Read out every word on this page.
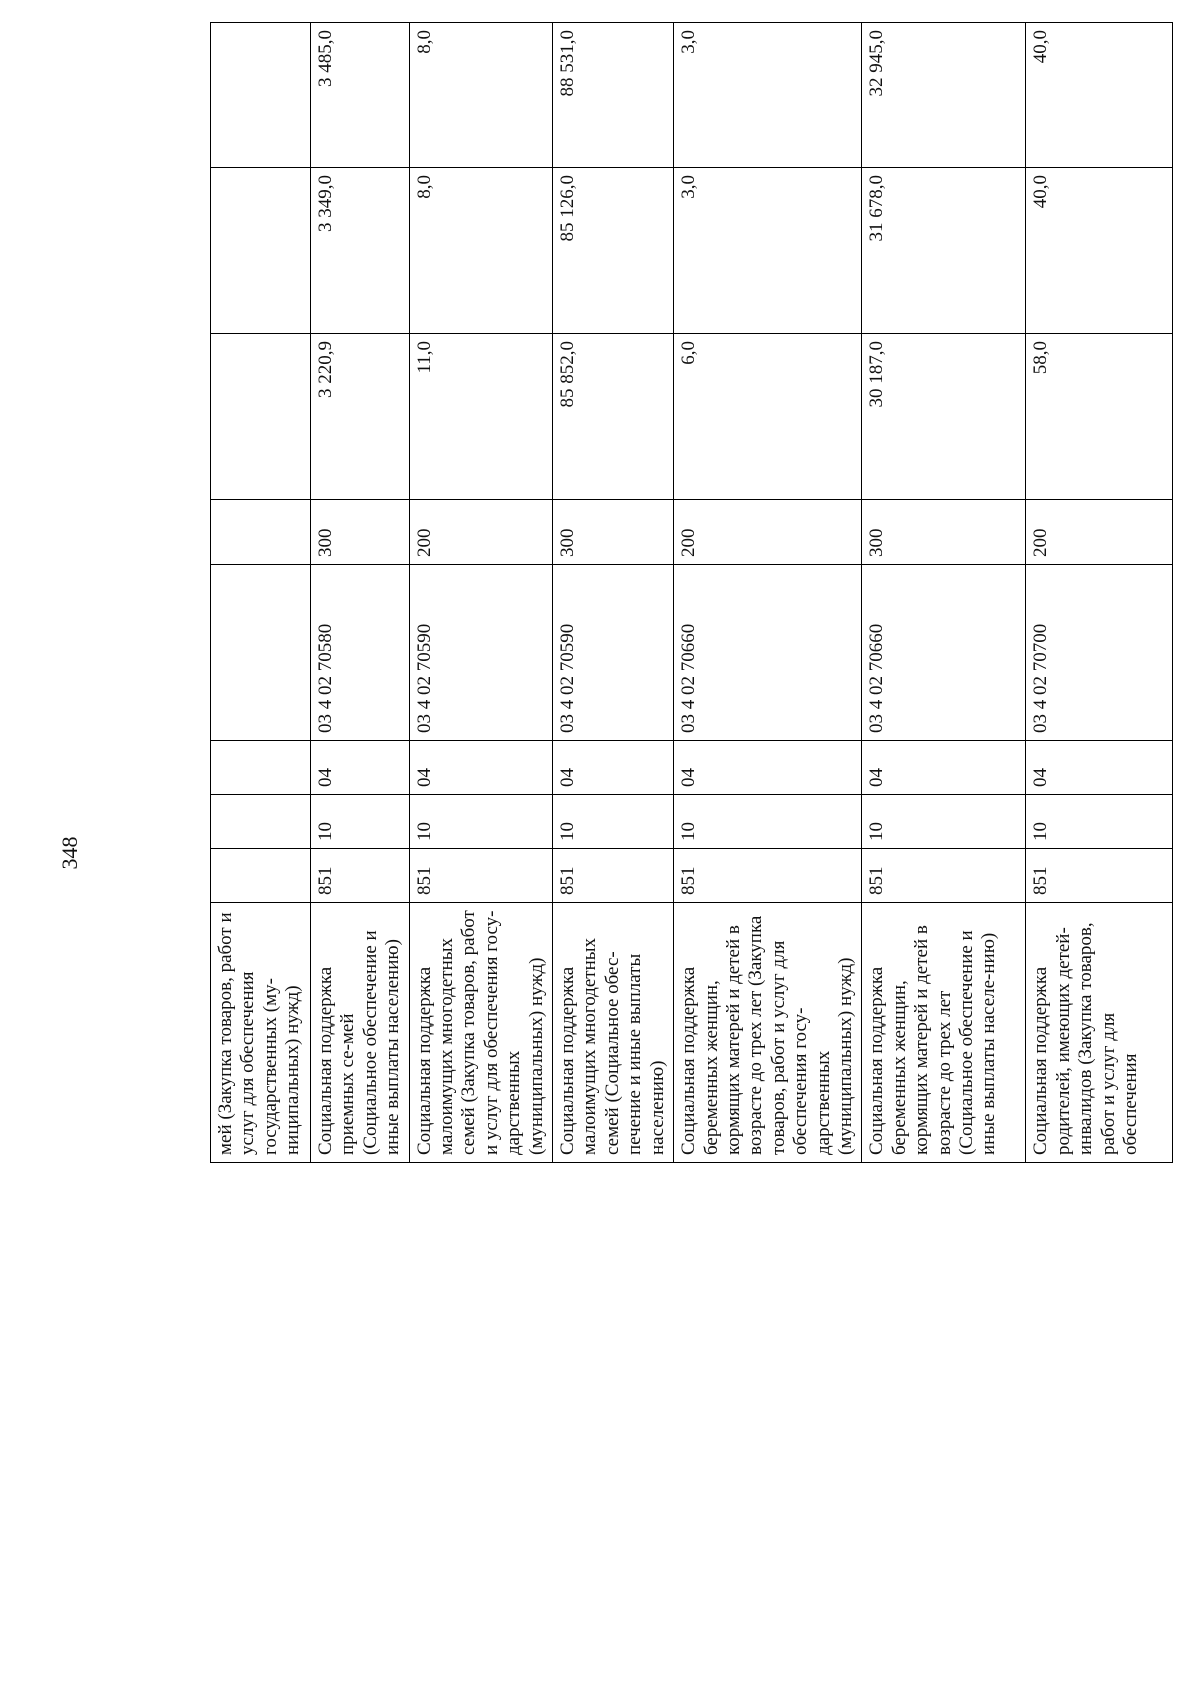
348
мей (Закупка товаров, работ и услуг для обеспечения государственных (му-ниципальных) нужд)								
Социальная поддержка приемных се-мей (Социальное обеспечение и иные выплаты населению)	851	10	04	03 4 02 70580	300	3 220,9	3 349,0	3 485,0
Социальная поддержка малоимущих многодетных семей (Закупка товаров, работ и услуг для обеспечения госу-дарственных (муниципальных) нужд)	851	10	04	03 4 02 70590	200	11,0	8,0	8,0
Социальная поддержка малоимущих многодетных семей (Социальное обес-печение и иные выплаты населению)	851	10	04	03 4 02 70590	300	85 852,0	85 126,0	88 531,0
Социальная поддержка беременных женщин, кормящих матерей и детей в возрасте до трех лет (Закупка товаров, работ и услуг для обеспечения госу-дарственных (муниципальных) нужд)	851	10	04	03 4 02 70660	200	6,0	3,0	3,0
Социальная поддержка беременных женщин, кормящих матерей и детей в возрасте до трех лет (Социальное обеспечение и иные выплаты населе-нию)	851	10	04	03 4 02 70660	300	30 187,0	31 678,0	32 945,0
Социальная поддержка родителей, имеющих детей-инвалидов (Закупка товаров, работ и услуг для обеспечения	851	10	04	03 4 02 70700	200	58,0	40,0	40,0
